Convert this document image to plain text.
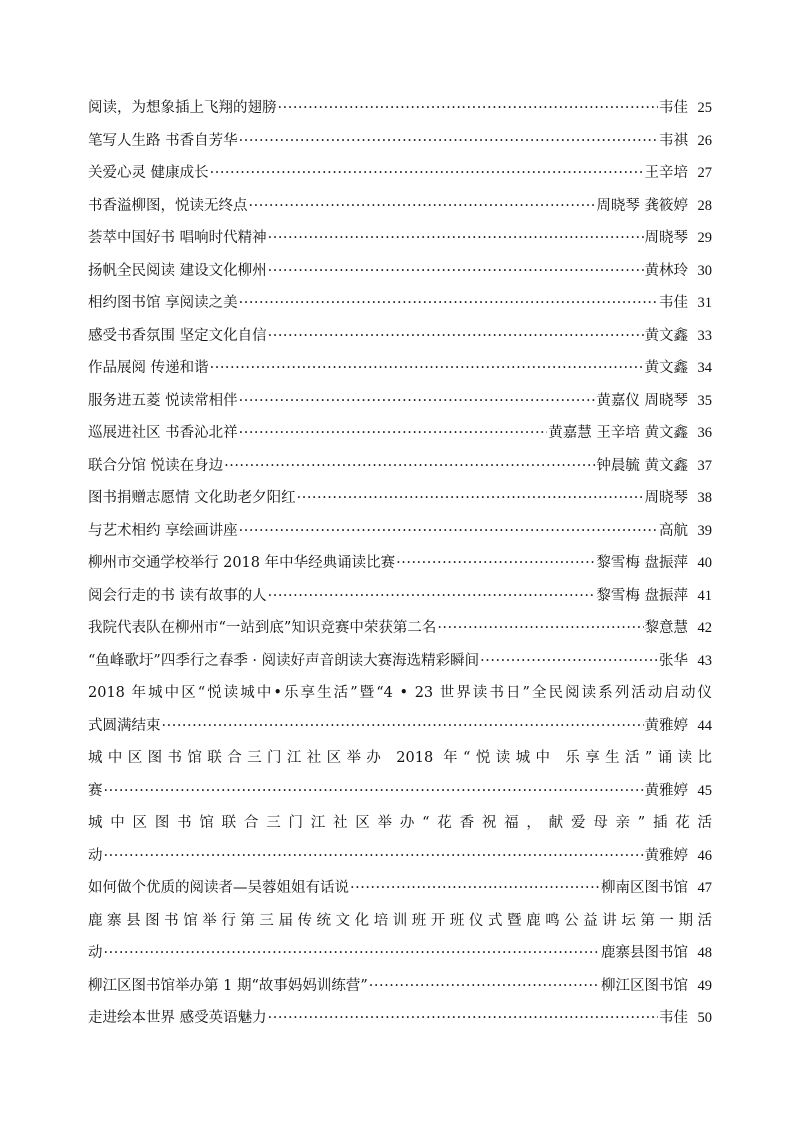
阅读，为想象插上飞翔的翅膀 ·····	韦佳 25
笔写人生路 书香自芳华 ·····	韦祺 26
关爱心灵 健康成长 ·····	王辛培 27
书香溢柳图，悦读无终点 ·····	周晓琴 龚筱婷 28
荟萃中国好书 唱响时代精神 ·····	周晓琴 29
扬帆全民阅读 建设文化柳州 ·····	黄林玲 30
相约图书馆 享阅读之美 ·····	韦佳 31
感受书香氛围 坚定文化自信 ·····	黄文鑫 33
作品展阅 传递和谐 ·····	黄文鑫 34
服务进五菱 悦读常相伴 ·····	黄嘉仪 周晓琴 35
巡展进社区 书香沁北祥 ·····	黄嘉慧 王辛培 黄文鑫 36
联合分馆 悦读在身边 ·····	钟晨毓 黄文鑫 37
图书捐赠志愿情 文化助老夕阳红 ·····	周晓琴 38
与艺术相约 享绘画讲座 ·····	高航 39
柳州市交通学校举行 2018 年中华经典诵读比赛 ·····	黎雪梅 盘振萍 40
阅会行走的书 读有故事的人 ·····	黎雪梅 盘振萍 41
我院代表队在柳州市“一站到底”知识竞赛中荣获第二名 ·····	黎意慧 42
“鱼峰歌圩”四季行之春季 · 阅读好声音朗读大赛海选精彩瞬间 ·····	张华 43
2018 年城中区“悦读城中•乐享生活”暨“4 • 23 世界读书日”全民阅读系列活动启动仪
式圆满结束 ·····	黄雅婷 44
城中区图书馆联合三门江社区举办 2018 年“悦读城中 乐享生活”诵读比
赛 ·····	黄雅婷 45
城中区图书馆联合三门江社区举办“花香祝福，献爱母亲”插花活
动 ·····	黄雅婷 46
如何做个优质的阅读者—吴蓉姐姐有话说 ·····	柳南区图书馆 47
鹿寨县图书馆举行第三届传统文化培训班开班仪式暨鹿鸣公益讲坛第一期活
动 ·····	鹿寨县图书馆 48
柳江区图书馆举办第 1 期“故事妈妈训练营” ·····	柳江区图书馆 49
走进绘本世界 感受英语魅力 ·····	韦佳 50
